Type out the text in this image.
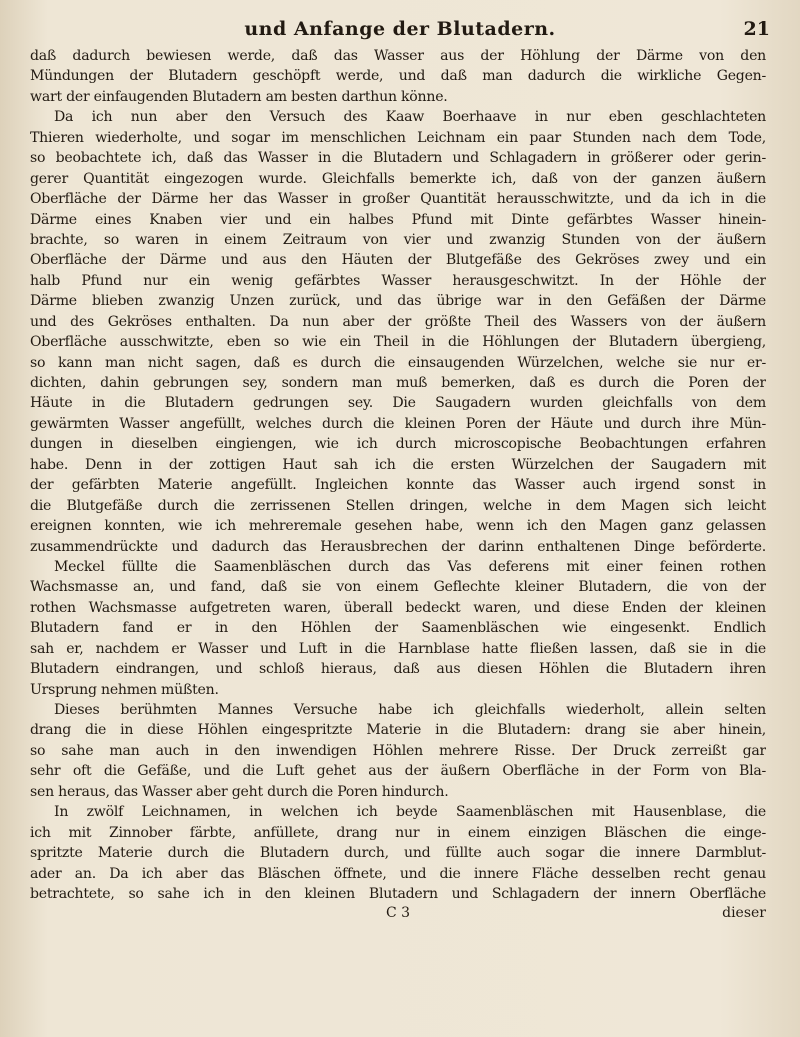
und Anfange der Blutadern.	21
daß dadurch bewiesen werde, daß das Wasser aus der Höhlung der Därme von den
Mündungen der Blutadern geschöpft werde, und daß man dadurch die wirkliche Gegen-
wart der einfaugenden Blutadern am besten darthun könne.
Da ich nun aber den Versuch des Kaaw Boerhaave in nur eben geschlachteten
Thieren wiederholte, und sogar im menschlichen Leichnam ein paar Stunden nach dem Tode,
so beobachtete ich, daß das Wasser in die Blutadern und Schlagadern in größerer oder gerin-
gerer Quantität eingezogen wurde. Gleichfalls bemerkte ich, daß von der ganzen äußern
Oberfläche der Därme her das Wasser in großer Quantität herausschwitzte, und da ich in die
Därme eines Knaben vier und ein halbes Pfund mit Dinte gefärbtes Wasser hinein-
brachte, so waren in einem Zeitraum von vier und zwanzig Stunden von der äußern
Oberfläche der Därme und aus den Häuten der Blutgefäße des Gekröses zwey und ein
halb Pfund nur ein wenig gefärbtes Wasser herausgeschwitzt. In der Höhle der
Därme blieben zwanzig Unzen zurück, und das übrige war in den Gefäßen der Därme
und des Gekröses enthalten. Da nun aber der größte Theil des Wassers von der äußern
Oberfläche ausschwitzte, eben so wie ein Theil in die Höhlungen der Blutadern übergieng,
so kann man nicht sagen, daß es durch die einsaugenden Würzelchen, welche sie nur er-
dichten, dahin gebrungen sey, sondern man muß bemerken, daß es durch die Poren der
Häute in die Blutadern gedrungen sey. Die Saugadern wurden gleichfalls von dem
gewärmten Wasser angefüllt, welches durch die kleinen Poren der Häute und durch ihre Mün-
dungen in dieselben eingiengen, wie ich durch microscopische Beobachtungen erfahren
habe. Denn in der zottigen Haut sah ich die ersten Würzelchen der Saugadern mit
der gefärbten Materie angefüllt. Ingleichen konnte das Wasser auch irgend sonst in
die Blutgefäße durch die zerrissenen Stellen dringen, welche in dem Magen sich leicht
ereignen konnten, wie ich mehreremale gesehen habe, wenn ich den Magen ganz gelassen
zusammendrückte und dadurch das Herausbrechen der darinn enthaltenen Dinge beförderte.
Meckel füllte die Saamenbläschen durch das Vas deferens mit einer feinen rothen
Wachsmasse an, und fand, daß sie von einem Geflechte kleiner Blutadern, die von der
rothen Wachsmasse aufgetreten waren, überall bedeckt waren, und diese Enden der kleinen
Blutadern fand er in den Höhlen der Saamenbläschen wie eingesenkt. Endlich
sah er, nachdem er Wasser und Luft in die Harnblase hatte fließen lassen, daß sie in die
Blutadern eindrangen, und schloß hieraus, daß aus diesen Höhlen die Blutadern ihren
Ursprung nehmen müßten.
Dieses berühmten Mannes Versuche habe ich gleichfalls wiederholt, allein selten
drang die in diese Höhlen eingespritzte Materie in die Blutadern: drang sie aber hinein,
so sahe man auch in den inwendigen Höhlen mehrere Risse. Der Druck zerreißt gar
sehr oft die Gefäße, und die Luft gehet aus der äußern Oberfläche in der Form von Bla-
sen heraus, das Wasser aber geht durch die Poren hindurch.
In zwölf Leichnamen, in welchen ich beyde Saamenbläschen mit Hausenblase, die
ich mit Zinnober färbte, anfüllete, drang nur in einem einzigen Bläschen die einge-
spritzte Materie durch die Blutadern durch, und füllte auch sogar die innere Darmblut-
ader an. Da ich aber das Bläschen öffnete, und die innere Fläche desselben recht genau
betrachtete, so sahe ich in den kleinen Blutadern und Schlagadern der innern Oberfläche
C 3	dieser
